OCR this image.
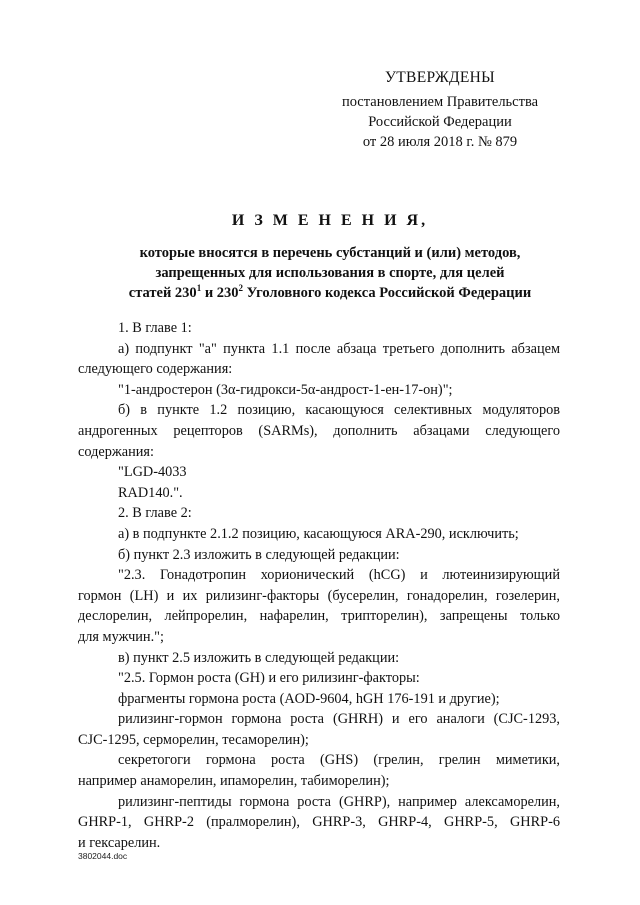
УТВЕРЖДЕНЫ
постановлением Правительства
Российской Федерации
от 28 июля 2018 г. № 879
И З М Е Н Е Н И Я,
которые вносятся в перечень субстанций и (или) методов,
запрещенных для использования в спорте, для целей
статей $230^1$ и $230^2$ Уголовного кодекса Российской Федерации

1. В главе 1:

а) подпункт "а" пункта 1.1 после абзаца третьего дополнить абзацем

следующего содержания:

"1-андростерон (3α-гидрокси-5α-андрост-1-ен-17-он)";

б) в пункте 1.2 позицию, касающуюся селективных модуляторов

андрогенных рецепторов (SARMs), дополнить абзацами следующего

содержания:

"LGD-4033

RAD140.".

2. В главе 2:

а) в подпункте 2.1.2 позицию, касающуюся ARA-290, исключить;

б) пункт 2.3 изложить в следующей редакции:

"2.3. Гонадотропин хорионический (hCG) и лютеинизирующий

гормон (LH) и их рилизинг-факторы (бусерелин, гонадорелин, гозелерин,

деслорелин, лейпрорелин, нафарелин, трипторелин), запрещены только

для мужчин.";

в) пункт 2.5 изложить в следующей редакции:

"2.5. Гормон роста (GH) и его рилизинг-факторы:

фрагменты гормона роста (AOD-9604, hGH 176-191 и другие);

рилизинг-гормон гормона роста (GHRH) и его аналоги (CJC-1293,

CJC-1295, серморелин, тесаморелин);

секретогоги гормона роста (GHS) (грелин, грелин миметики,

например анаморелин, ипаморелин, табиморелин);

рилизинг-пептиды гормона роста (GHRP), например алексаморелин,

GHRP-1, GHRP-2 (пралморелин), GHRP-3, GHRP-4, GHRP-5, GHRP-6

и гексарелин.

3802044.doc
